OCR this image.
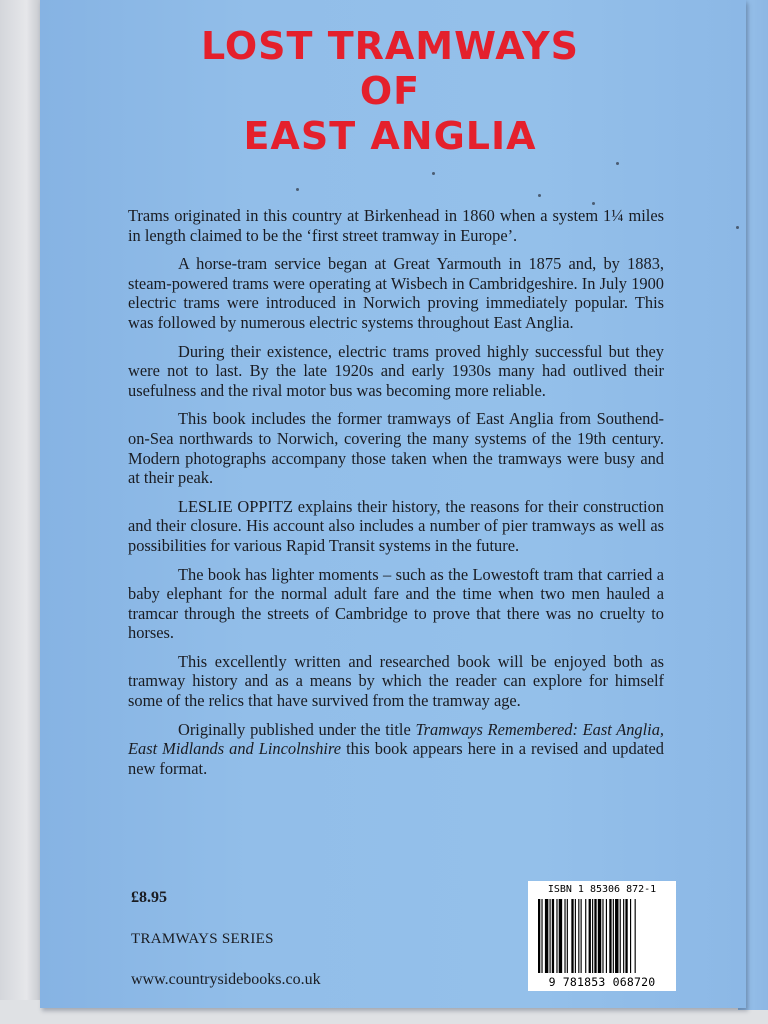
LOST TRAMWAYS
OF
EAST ANGLIA

Trams originated in this country at Birkenhead in 1860 when a system 1¼ miles in length claimed to be the ‘first street tramway in Europe’.

A horse-tram service began at Great Yarmouth in 1875 and, by 1883, steam-powered trams were operating at Wisbech in Cambridgeshire. In July 1900 electric trams were introduced in Norwich proving immediately popular. This was followed by numerous electric systems throughout East Anglia.

During their existence, electric trams proved highly successful but they were not to last. By the late 1920s and early 1930s many had outlived their usefulness and the rival motor bus was becoming more reliable.

This book includes the former tramways of East Anglia from Southend-on-Sea northwards to Norwich, covering the many systems of the 19th century. Modern photographs accompany those taken when the tramways were busy and at their peak.

LESLIE OPPITZ explains their history, the reasons for their construction and their closure. His account also includes a number of pier tramways as well as possibilities for various Rapid Transit systems in the future.

The book has lighter moments – such as the Lowestoft tram that carried a baby elephant for the normal adult fare and the time when two men hauled a tramcar through the streets of Cambridge to prove that there was no cruelty to horses.

This excellently written and researched book will be enjoyed both as tramway history and as a means by which the reader can explore for himself some of the relics that have survived from the tramway age.

Originally published under the title Tramways Remembered: East Anglia, East Midlands and Lincolnshire this book appears here in a revised and updated new format.

£8.95
TRAMWAYS SERIES
www.countrysidebooks.co.uk
ISBN 1 85306 872-1
9 781853 068720
